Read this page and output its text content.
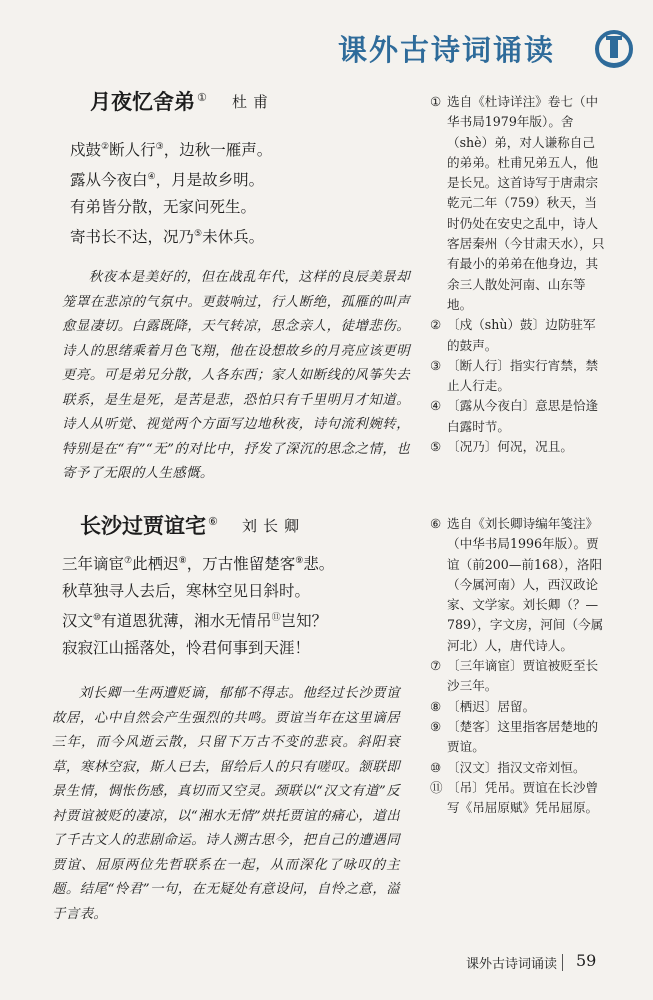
课外古诗词诵读
月夜忆舍弟 ① 杜甫
戍鼓②断人行③，边秋一雁声。
露从今夜白④，月是故乡明。
有弟皆分散，无家问死生。
寄书长不达，况乃⑤未休兵。
秋夜本是美好的，但在战乱年代，这样的良辰美景却笼罩在悲凉的气氛中。更鼓响过，行人断绝，孤雁的叫声愈显凄切。白露既降，天气转凉，思念亲人，徒增悲伤。诗人的思绪乘着月色飞翔，他在设想故乡的月亮应该更明更亮。可是弟兄分散，人各东西；家人如断线的风筝失去联系，是生是死，是苦是悲，恐怕只有千里明月才知道。诗人从听觉、视觉两个方面写边地秋夜，诗句流利婉转，特别是在“有”“无”的对比中，抒发了深沉的思念之情，也寄予了无限的人生感慨。
① 选自《杜诗详注》卷七（中华书局1979年版）。舍（shè）弟，对人谦称自己的弟弟。杜甫兄弟五人，他是长兄。这首诗写于唐肃宗乾元二年（759）秋天，当时仍处在安史之乱中，诗人客居秦州（今甘肃天水），只有最小的弟弟在他身边，其余三人散处河南、山东等地。
② 〔戍（shù）鼓〕边防驻军的鼓声。
③ 〔断人行〕指实行宵禁，禁止人行走。
④ 〔露从今夜白〕意思是恰逢白露时节。
⑤ 〔况乃〕何况，况且。
长沙过贾谊宅 ⑥ 刘长卿
三年谪宦⑦此栖迟⑧，万古惟留楚客⑨悲。
秋草独寻人去后，寒林空见日斜时。
汉文⑩有道恩犹薄，湘水无情吊⑪岂知？
寂寂江山摇落处，怜君何事到天涯！
刘长卿一生两遭贬谪，郁郁不得志。他经过长沙贾谊故居，心中自然会产生强烈的共鸣。贾谊当年在这里谪居三年，而今风逝云散，只留下万古不变的悲哀。斜阳衰草，寒林空寂，斯人已去，留给后人的只有嗟叹。颔联即景生情，惆怅伤感，真切而又空灵。颈联以“汉文有道”反衬贾谊被贬的凄凉，以“湘水无情”烘托贾谊的痛心，道出了千古文人的悲剧命运。诗人溯古思今，把自己的遭遇同贾谊、屈原两位先哲联系在一起，从而深化了咏叹的主题。结尾“怜君”一句，在无疑处有意设问，自怜之意，溢于言表。
⑥ 选自《刘长卿诗编年笺注》（中华书局1996年版）。贾谊（前200—前168），洛阳（今属河南）人，西汉政论家、文学家。刘长卿（？—789），字文房，河间（今属河北）人，唐代诗人。
⑦ 〔三年谪宦〕贾谊被贬至长沙三年。
⑧ 〔栖迟〕居留。
⑨ 〔楚客〕这里指客居楚地的贾谊。
⑩ 〔汉文〕指汉文帝刘恒。
⑪ 〔吊〕凭吊。贾谊在长沙曾写《吊屈原赋》凭吊屈原。
课外古诗词诵读 59
